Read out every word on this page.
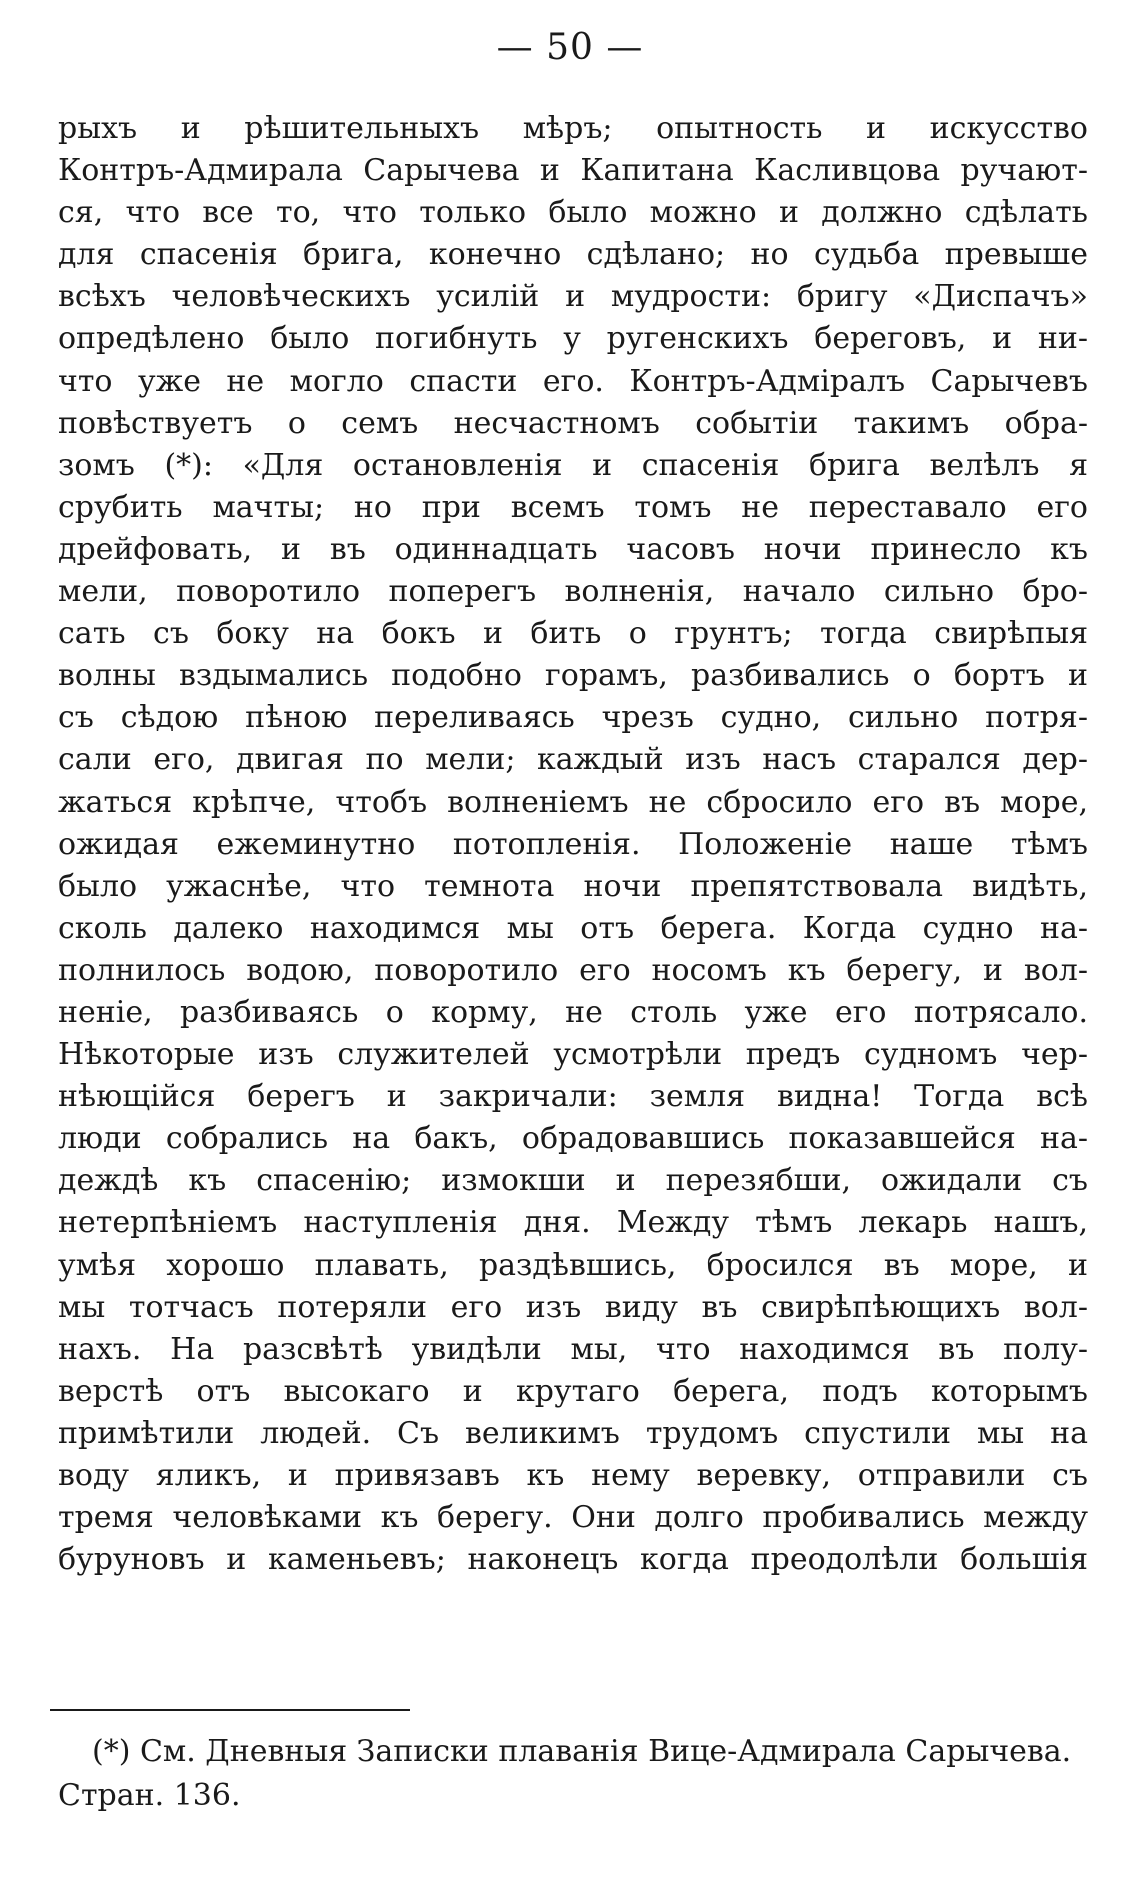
— 50 —
рыхъ и рѣшительныхъ мѣръ; опытность и искусство
Контръ-Адмирала Сарычева и Капитана Касливцова ручают-
ся, что все то, что только было можно и должно сдѣлать
для спасенія брига, конечно сдѣлано; но судьба превыше
всѣхъ человѣческихъ усилій и мудрости: бригу «Диспачъ»
опредѣлено было погибнуть у ругенскихъ береговъ, и ни-
что уже не могло спасти его. Контръ-Адміралъ Сарычевъ
повѣствуетъ о семъ несчастномъ событіи такимъ обра-
зомъ (*): «Для остановленія и спасенія брига велѣлъ я
срубить мачты; но при всемъ томъ не переставало его
дрейфовать, и въ одиннадцать часовъ ночи принесло къ
мели, поворотило поперегъ волненія, начало сильно бро-
сать съ боку на бокъ и бить о грунтъ; тогда свирѣпыя
волны вздымались подобно горамъ, разбивались о бортъ и
съ сѣдою пѣною переливаясь чрезъ судно, сильно потря-
сали его, двигая по мели; каждый изъ насъ старался дер-
жаться крѣпче, чтобъ волненіемъ не сбросило его въ море,
ожидая ежеминутно потопленія. Положеніе наше тѣмъ
было ужаснѣе, что темнота ночи препятствовала видѣть,
сколь далеко находимся мы отъ берега. Когда судно на-
полнилось водою, поворотило его носомъ къ берегу, и вол-
неніе, разбиваясь о корму, не столь уже его потрясало.
Нѣкоторые изъ служителей усмотрѣли предъ судномъ чер-
нѣющійся берегъ и закричали: земля видна! Тогда всѣ
люди собрались на бакъ, обрадовавшись показавшейся на-
деждѣ къ спасенію; измокши и перезябши, ожидали съ
нетерпѣніемъ наступленія дня. Между тѣмъ лекарь нашъ,
умѣя хорошо плавать, раздѣвшись, бросился въ море, и
мы тотчасъ потеряли его изъ виду въ свирѣпѣющихъ вол-
нахъ. На разсвѣтѣ увидѣли мы, что находимся въ полу-
верстѣ отъ высокаго и крутаго берега, подъ которымъ
примѣтили людей. Съ великимъ трудомъ спустили мы на
воду яликъ, и привязавъ къ нему веревку, отправили съ
тремя человѣками къ берегу. Они долго пробивались между
буруновъ и каменьевъ; наконецъ когда преодолѣли большія
(*) См. Дневныя Записки плаванія Вице-Адмирала Сарычева.
Стран. 136.
